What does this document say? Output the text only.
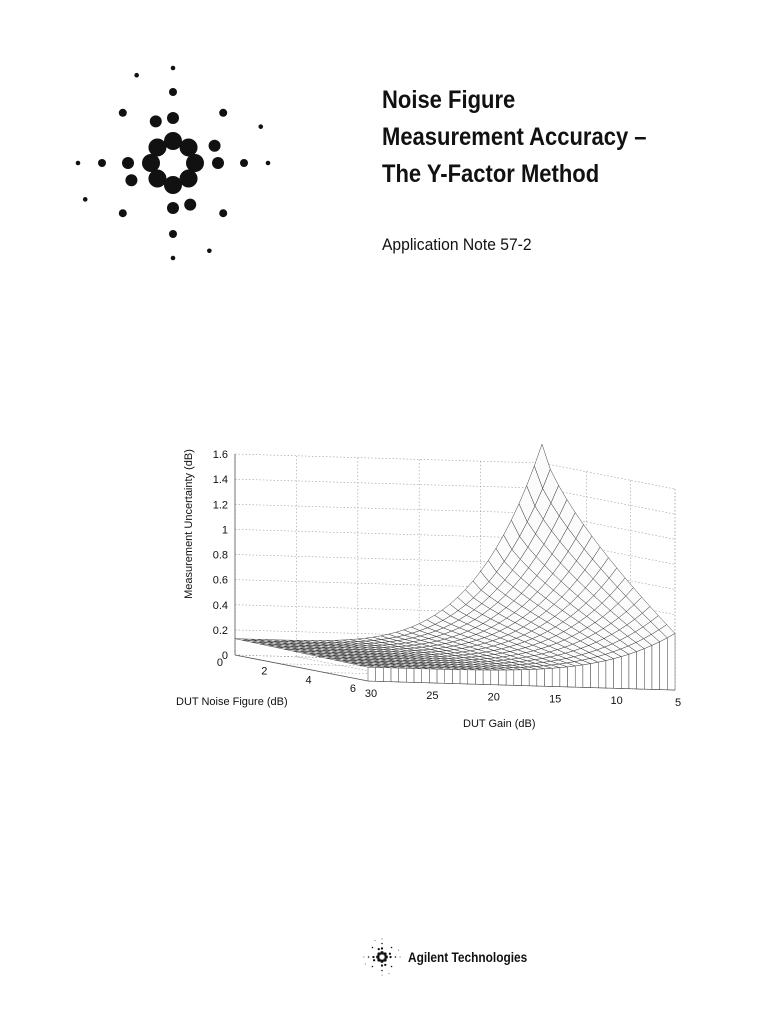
Noise Figure
Measurement Accuracy –
The Y-Factor Method
Application Note 57-2
0
0.2
0.4
0.6
0.8
1
1.2
1.4
1.6
0
2
4
6 30	25	20	15	10	5
Measurement Uncertainty (dB)
DUT Noise Figure (dB)
DUT Gain (dB)
Agilent Technologies
